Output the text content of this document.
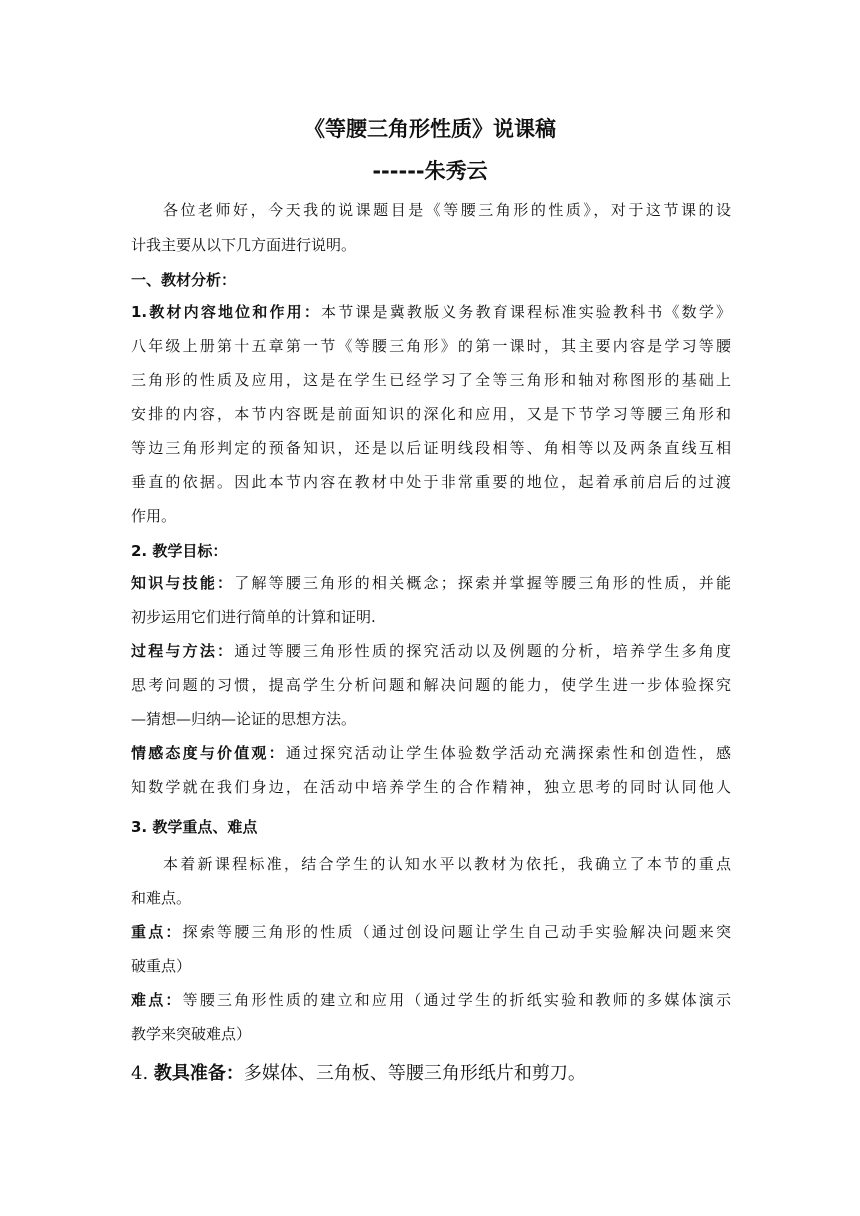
《等腰三角形性质》说课稿
------朱秀云
各位老师好，今天我的说课题目是《等腰三角形的性质》，对于这节课的设
计我主要从以下几方面进行说明。
一、教材分析：
1.教材内容地位和作用：本节课是冀教版义务教育课程标准实验教科书《数学》
八年级上册第十五章第一节《等腰三角形》的第一课时，其主要内容是学习等腰
三角形的性质及应用，这是在学生已经学习了全等三角形和轴对称图形的基础上
安排的内容，本节内容既是前面知识的深化和应用，又是下节学习等腰三角形和
等边三角形判定的预备知识，还是以后证明线段相等、角相等以及两条直线互相
垂直的依据。因此本节内容在教材中处于非常重要的地位，起着承前启后的过渡
作用。
2. 教学目标：
知识与技能：了解等腰三角形的相关概念；探索并掌握等腰三角形的性质，并能
初步运用它们进行简单的计算和证明.
过程与方法：通过等腰三角形性质的探究活动以及例题的分析，培养学生多角度
思考问题的习惯，提高学生分析问题和解决问题的能力，使学生进一步体验探究
—猜想—归纳—论证的思想方法。
情感态度与价值观：通过探究活动让学生体验数学活动充满探索性和创造性，感
知数学就在我们身边，在活动中培养学生的合作精神，独立思考的同时认同他人
3. 教学重点、难点
本着新课程标准，结合学生的认知水平以教材为依托，我确立了本节的重点
和难点。
重点：探索等腰三角形的性质（通过创设问题让学生自己动手实验解决问题来突
破重点）
难点：等腰三角形性质的建立和应用（通过学生的折纸实验和教师的多媒体演示
教学来突破难点）
4. 教具准备：多媒体、三角板、等腰三角形纸片和剪刀。
